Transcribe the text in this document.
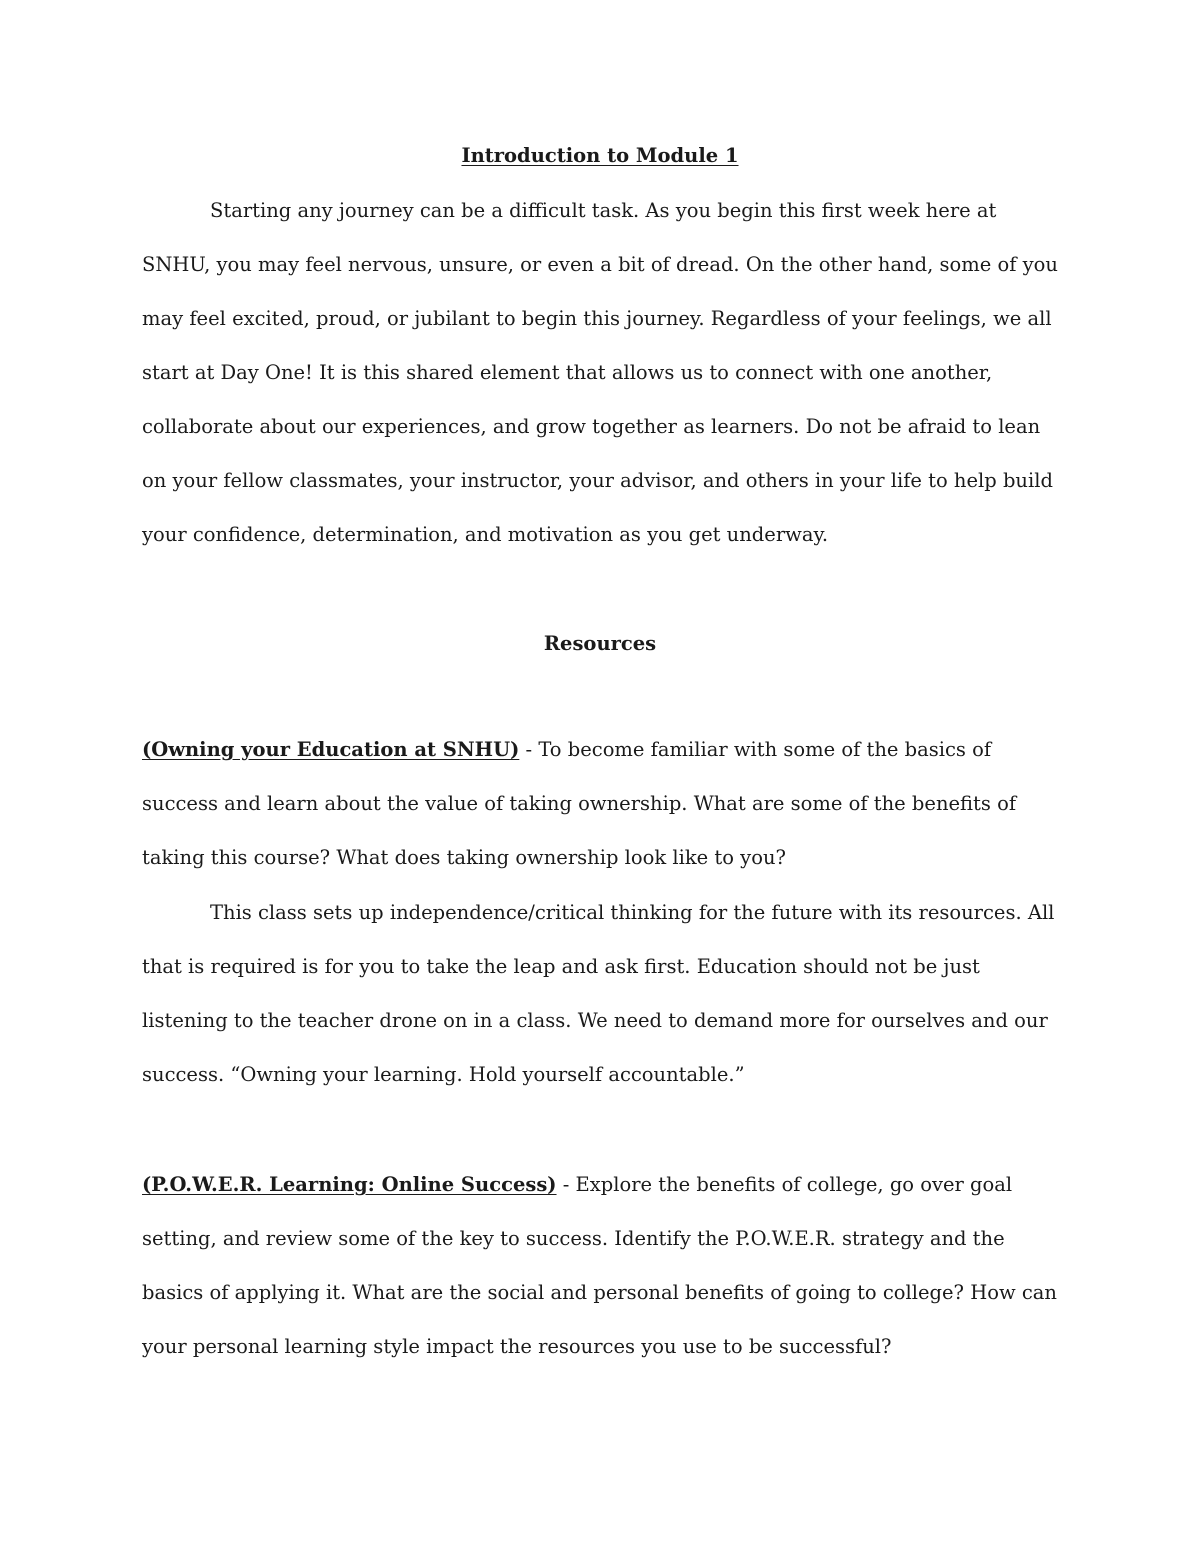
Introduction to Module 1

Starting any journey can be a difficult task. As you begin this first week here at SNHU, you may feel nervous, unsure, or even a bit of dread. On the other hand, some of you may feel excited, proud, or jubilant to begin this journey. Regardless of your feelings, we all start at Day One! It is this shared element that allows us to connect with one another, collaborate about our experiences, and grow together as learners. Do not be afraid to lean on your fellow classmates, your instructor, your advisor, and others in your life to help build your confidence, determination, and motivation as you get underway.

Resources

(Owning your Education at SNHU) - To become familiar with some of the basics of success and learn about the value of taking ownership. What are some of the benefits of taking this course? What does taking ownership look like to you?

This class sets up independence/critical thinking for the future with its resources. All that is required is for you to take the leap and ask first. Education should not be just listening to the teacher drone on in a class. We need to demand more for ourselves and our success. “Owning your learning. Hold yourself accountable.”

(P.O.W.E.R. Learning: Online Success) - Explore the benefits of college, go over goal setting, and review some of the key to success. Identify the P.O.W.E.R. strategy and the basics of applying it. What are the social and personal benefits of going to college? How can your personal learning style impact the resources you use to be successful?
